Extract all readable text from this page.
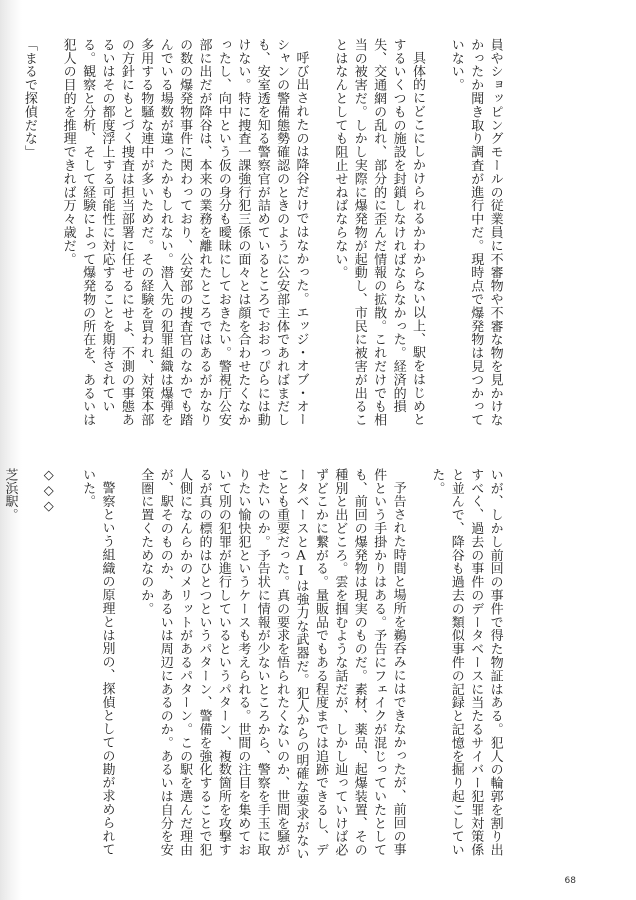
員やショッピングモールの従業員に不審物や不審な物を見かけなかったか聞き取り調査が進行中だ。現時点で爆発物は見つかっていない。

具体的にどこにしかけられるかわからない以上、駅をはじめとするいくつもの施設を封鎖しなければならなかった。経済的損失、交通網の乱れ、部分的に歪んだ情報の拡散。これだけでも相当の被害だ。しかし実際に爆発物が起動し、市民に被害が出ることはなんとしても阻止せねばならない。

呼び出されたのは降谷だけではなかった。エッジ・オブ・オーシャンの警備態勢確認のときのように公安部主体であればまだしも、安室透を知る警察官が詰めているところでおおっぴらには動けない。特に捜査一課強行犯三係の面々とは顔を合わせたくなかったし、向中という仮の身分も曖昧にしておきたい。警視庁公安部に出だが降谷は、本来の業務を離れたところではあるがかなりの数の爆発物事件に関わっており、公安部の捜査官のなかでも踏んでいる場数が違ったかもしれない。潜入先の犯罪組織は爆弾を多用する物騒な連中が多いためだ。その経験を買われ、対策本部の方針にもとづく捜査は担当部署に任せるにせよ、不測の事態あるいはその都度浮上する可能性に対応することを期待されている。観察と分析、そして経験によって爆発物の所在を、あるいは犯人の目的を推理できれば万々歳だ。

「まるで探偵だな」

いが、しかし前回の事件で得た物証はある。犯人の輪郭を割り出すべく、過去の事件のデータベースに当たるサイバー犯罪対策係と並んで、降谷も過去の類似事件の記録と記憶を掘り起こしていた。

予告された時間と場所を鵜呑みにはできなかったが、前回の事件という手掛かりはある。予告にフェイクが混じっていたとしても、前回の爆発物は現実のものだ。素材、薬品、起爆装置、その種別と出どころ。雲を掴むような話だが、しかし辿っていけば必ずどこかに繋がる。量販品でもある程度までは追跡できるし、データベースとAIは強力な武器だ。犯人からの明確な要求がないことも重要だった。真の要求を悟られたくないのか、世間を騒がせたいのか。予告状に情報が少ないところから、警察を手玉に取りたい愉快犯というケースも考えられる。世間の注目を集めておいて別の犯罪が進行しているというパターン、複数箇所を攻撃するが真の標的はひとつというパターン、警備を強化することで犯人側になんらかのメリットがあるパターン。この駅を選んだ理由が、駅そのものか、あるいは周辺にあるのか。あるいは自分を安全圏に置くためなのか。

警察という組織の原理とは別の、探偵としての勘が求められていた。

◇◇◇

芝浜駅。

68
